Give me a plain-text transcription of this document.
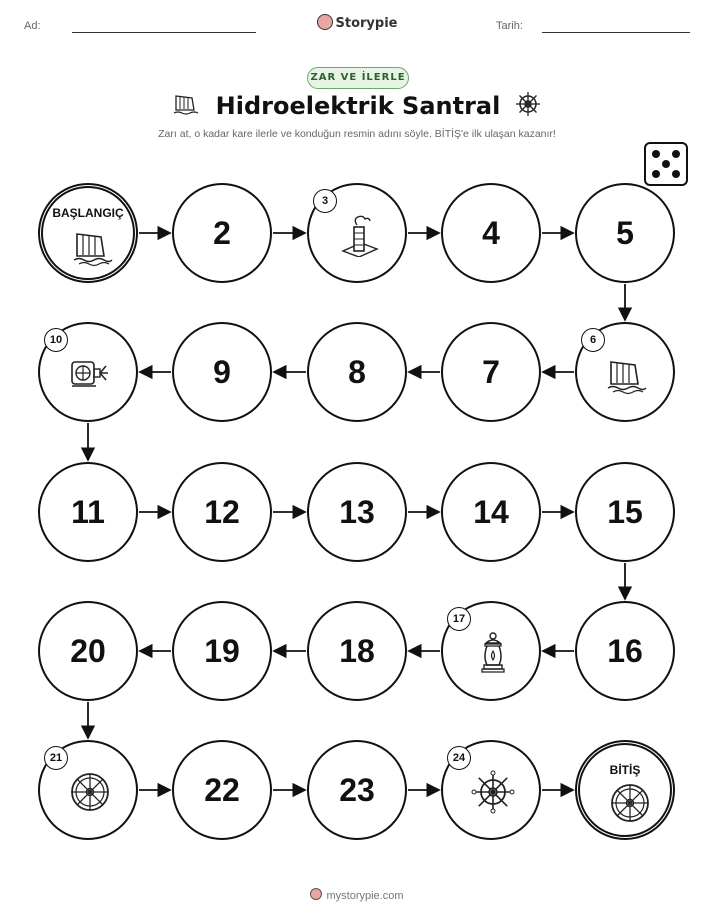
Ad:	Storypie	Tarih:
ZAR VE İLERLE
Hidroelektrik Santral
Zarı at, o kadar kare ilerle ve konduğun resmin adını söyle. BİTİŞ'e ilk ulaşan kazanır!
BAŞLANGIÇ
2
3
4	5
6
7
8
9
10
11	12	13	14	15
16
17
18
19
20
21
22	23
24
BİTİŞ
mystorypie.com
